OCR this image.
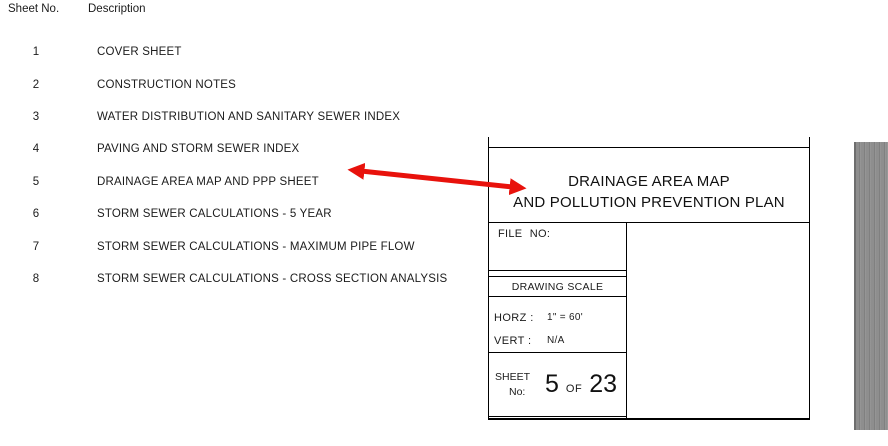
Sheet No.	Description
1	COVER SHEET
2	CONSTRUCTION NOTES
3	WATER DISTRIBUTION AND SANITARY SEWER INDEX
4	PAVING AND STORM SEWER INDEX
5	DRAINAGE AREA MAP AND PPP SHEET
6	STORM SEWER CALCULATIONS - 5 YEAR
7	STORM SEWER CALCULATIONS - MAXIMUM PIPE FLOW
8	STORM SEWER CALCULATIONS - CROSS SECTION ANALYSIS
DRAINAGE AREA MAP
AND POLLUTION PREVENTION PLAN
FILE NO:
DRAWING SCALE
HORZ :	1" = 60'
VERT :	N/A
SHEET
No: 5 OF 23
